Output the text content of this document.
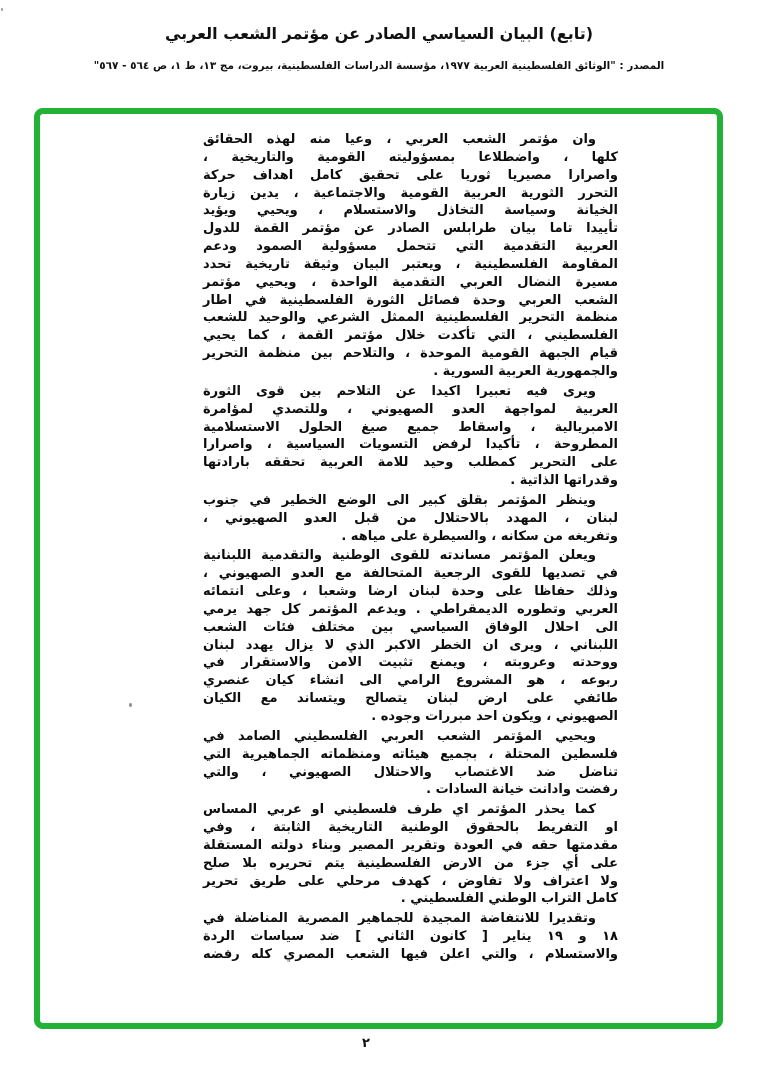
(تابع) البيان السياسي الصادر عن مؤتمر الشعب العربي
المصدر : "الوثائق الفلسطينية العربية ١٩٧٧، مؤسسة الدراسات الفلسطينية، بيروت، مج ١٣، ط ١، ص ٥٦٤ - ٥٦٧"
وان مؤتمر الشعب العربي ، وعيا منه لهذه الحقائق
كلها ، واضطلاعا بمسؤوليته القومية والتاريخية ،
واصرارا مصيريا ثوريا على تحقيق كامل اهداف حركة
التحرر الثورية العربية القومية والاجتماعية ، يدين زيارة
الخيانة وسياسة التخاذل والاستسلام ، ويحيي ويؤيد
تأييدا تاما بيان طرابلس الصادر عن مؤتمر القمة للدول
العربية التقدمية التي تتحمل مسؤولية الصمود ودعم
المقاومة الفلسطينية ، ويعتبر البيان وثيقة تاريخية تحدد
مسيرة النضال العربي التقدمية الواحدة ، ويحيي مؤتمر
الشعب العربي وحدة فصائل الثورة الفلسطينية في اطار
منظمة التحرير الفلسطينية الممثل الشرعي والوحيد للشعب
الفلسطيني ، التي تأكدت خلال مؤتمر القمة ، كما يحيي
قيام الجبهة القومية الموحدة ، والتلاحم بين منظمة التحرير
والجمهورية العربية السورية .
ويرى فيه تعبيرا اكيدا عن التلاحم بين قوى الثورة
العربية لمواجهة العدو الصهيوني ، وللتصدي لمؤامرة
الامبريالية ، واسقاط جميع صيغ الحلول الاستسلامية
المطروحة ، تأكيدا لرفض التسويات السياسية ، واصرارا
على التحرير كمطلب وحيد للامة العربية تحققه بارادتها
وقدراتها الذاتية .
وينظر المؤتمر بقلق كبير الى الوضع الخطير في جنوب
لبنان ، المهدد بالاحتلال من قبل العدو الصهيوني ،
وتفريغه من سكانه ، والسيطرة على مياهه .
ويعلن المؤتمر مساندته للقوى الوطنية والتقدمية اللبنانية
في تصديها للقوى الرجعية المتحالفة مع العدو الصهيوني ،
وذلك حفاظا على وحدة لبنان ارضا وشعبا ، وعلى انتمائه
العربي وتطوره الديمقراطي . ويدعم المؤتمر كل جهد يرمي
الى احلال الوفاق السياسي بين مختلف فئات الشعب
اللبناني ، ويرى ان الخطر الاكبر الذي لا يزال يهدد لبنان
ووحدته وعروبته ، ويمنع تثبيت الامن والاستقرار في
ربوعه ، هو المشروع الرامي الى انشاء كيان عنصري
طائفي على ارض لبنان يتصالح ويتساند مع الكيان
الصهيوني ، ويكون احد مبررات وجوده .
ويحيي المؤتمر الشعب العربي الفلسطيني الصامد في
فلسطين المحتلة ، بجميع هيئاته ومنظماته الجماهيرية التي
تناضل ضد الاغتصاب والاحتلال الصهيوني ، والتي
رفضت وادانت خيانة السادات .
كما يحذر المؤتمر اي طرف فلسطيني او عربي المساس
او التفريط بالحقوق الوطنية التاريخية الثابتة ، وفي
مقدمتها حقه في العودة وتقرير المصير وبناء دولته المستقلة
على أي جزء من الارض الفلسطينية يتم تحريره بلا صلح
ولا اعتراف ولا تفاوض ، كهدف مرحلي على طريق تحرير
كامل التراب الوطني الفلسطيني .
وتقديرا للانتفاضة المجيدة للجماهير المصرية المناضلة في
١٨ و ١٩ يناير [ كانون الثاني ] ضد سياسات الردة
والاستسلام ، والتي اعلن فيها الشعب المصري كله رفضه
٢
